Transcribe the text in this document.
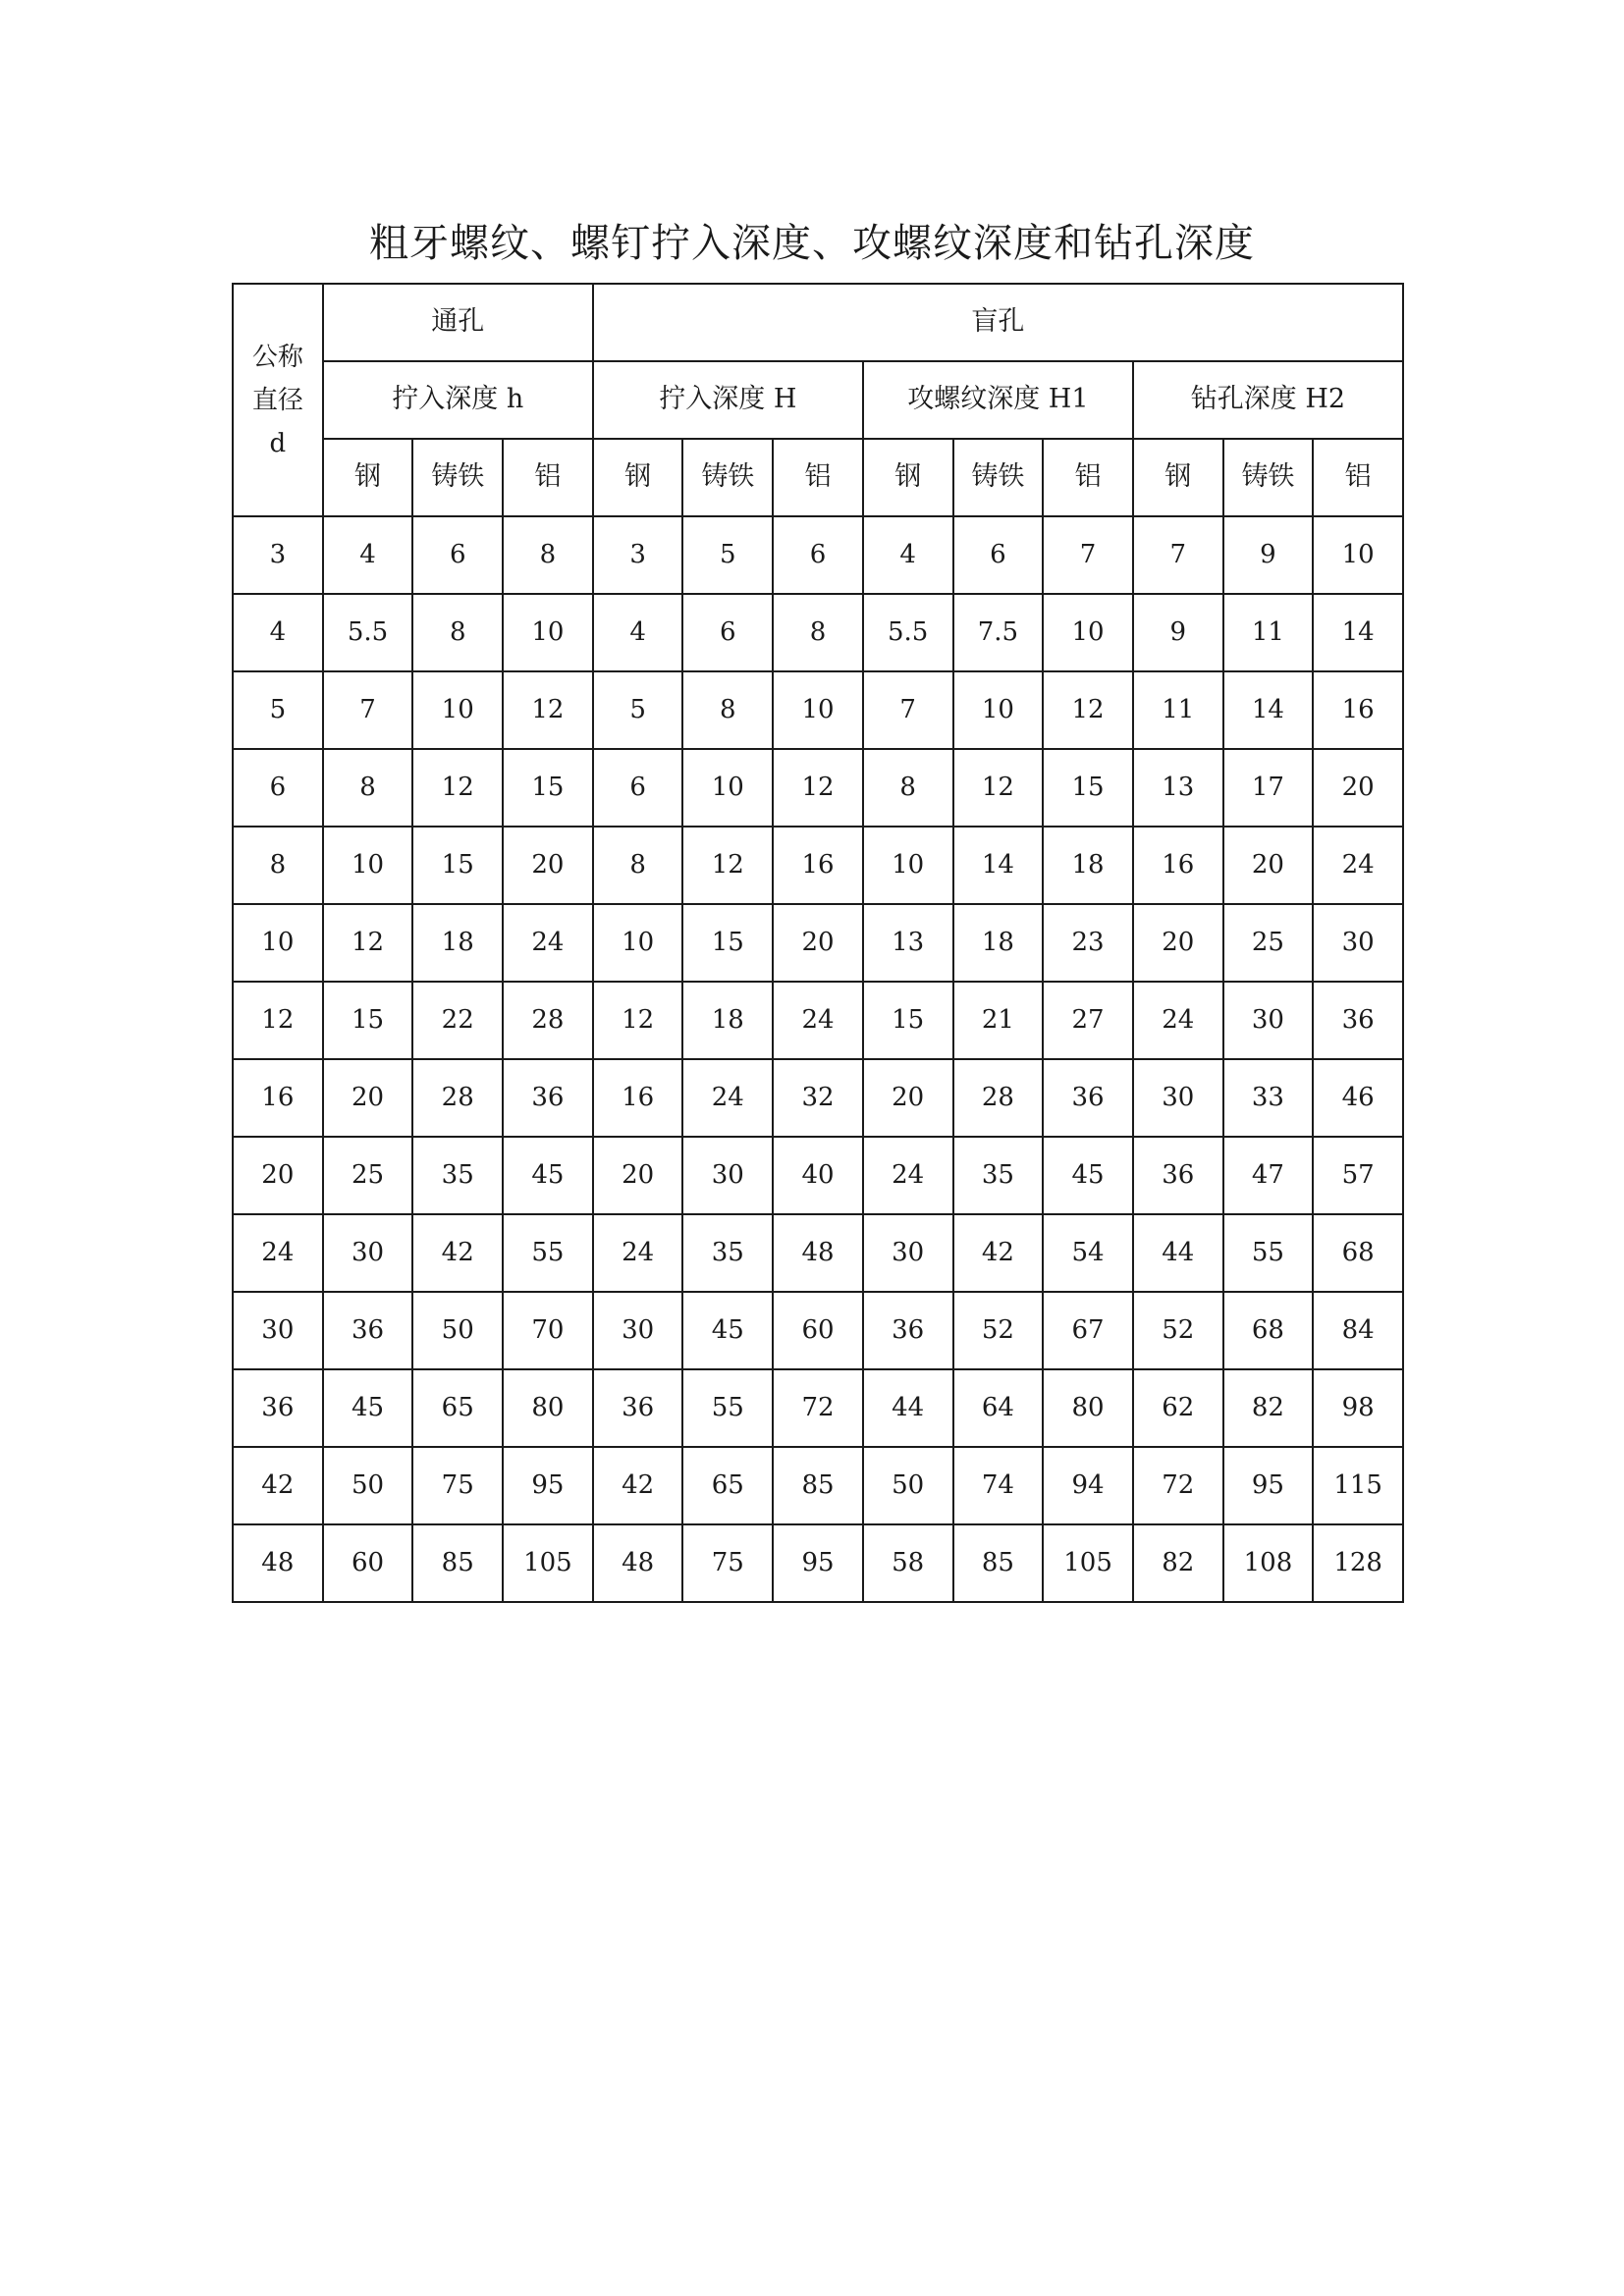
粗牙螺纹、螺钉拧入深度、攻螺纹深度和钻孔深度
公称
直径
d	通孔			盲孔								
	拧入深度 h			拧入深度 H			攻螺纹深度 H1			钻孔深度 H2		
	钢	铸铁	铝	钢	铸铁	铝	钢	铸铁	铝	钢	铸铁	铝
3	4	6	8	3	5	6	4	6	7	7	9	10
4	5.5	8	10	4	6	8	5.5	7.5	10	9	11	14
5	7	10	12	5	8	10	7	10	12	11	14	16
6	8	12	15	6	10	12	8	12	15	13	17	20
8	10	15	20	8	12	16	10	14	18	16	20	24
10	12	18	24	10	15	20	13	18	23	20	25	30
12	15	22	28	12	18	24	15	21	27	24	30	36
16	20	28	36	16	24	32	20	28	36	30	33	46
20	25	35	45	20	30	40	24	35	45	36	47	57
24	30	42	55	24	35	48	30	42	54	44	55	68
30	36	50	70	30	45	60	36	52	67	52	68	84
36	45	65	80	36	55	72	44	64	80	62	82	98
42	50	75	95	42	65	85	50	74	94	72	95	115
48	60	85	105	48	75	95	58	85	105	82	108	128
